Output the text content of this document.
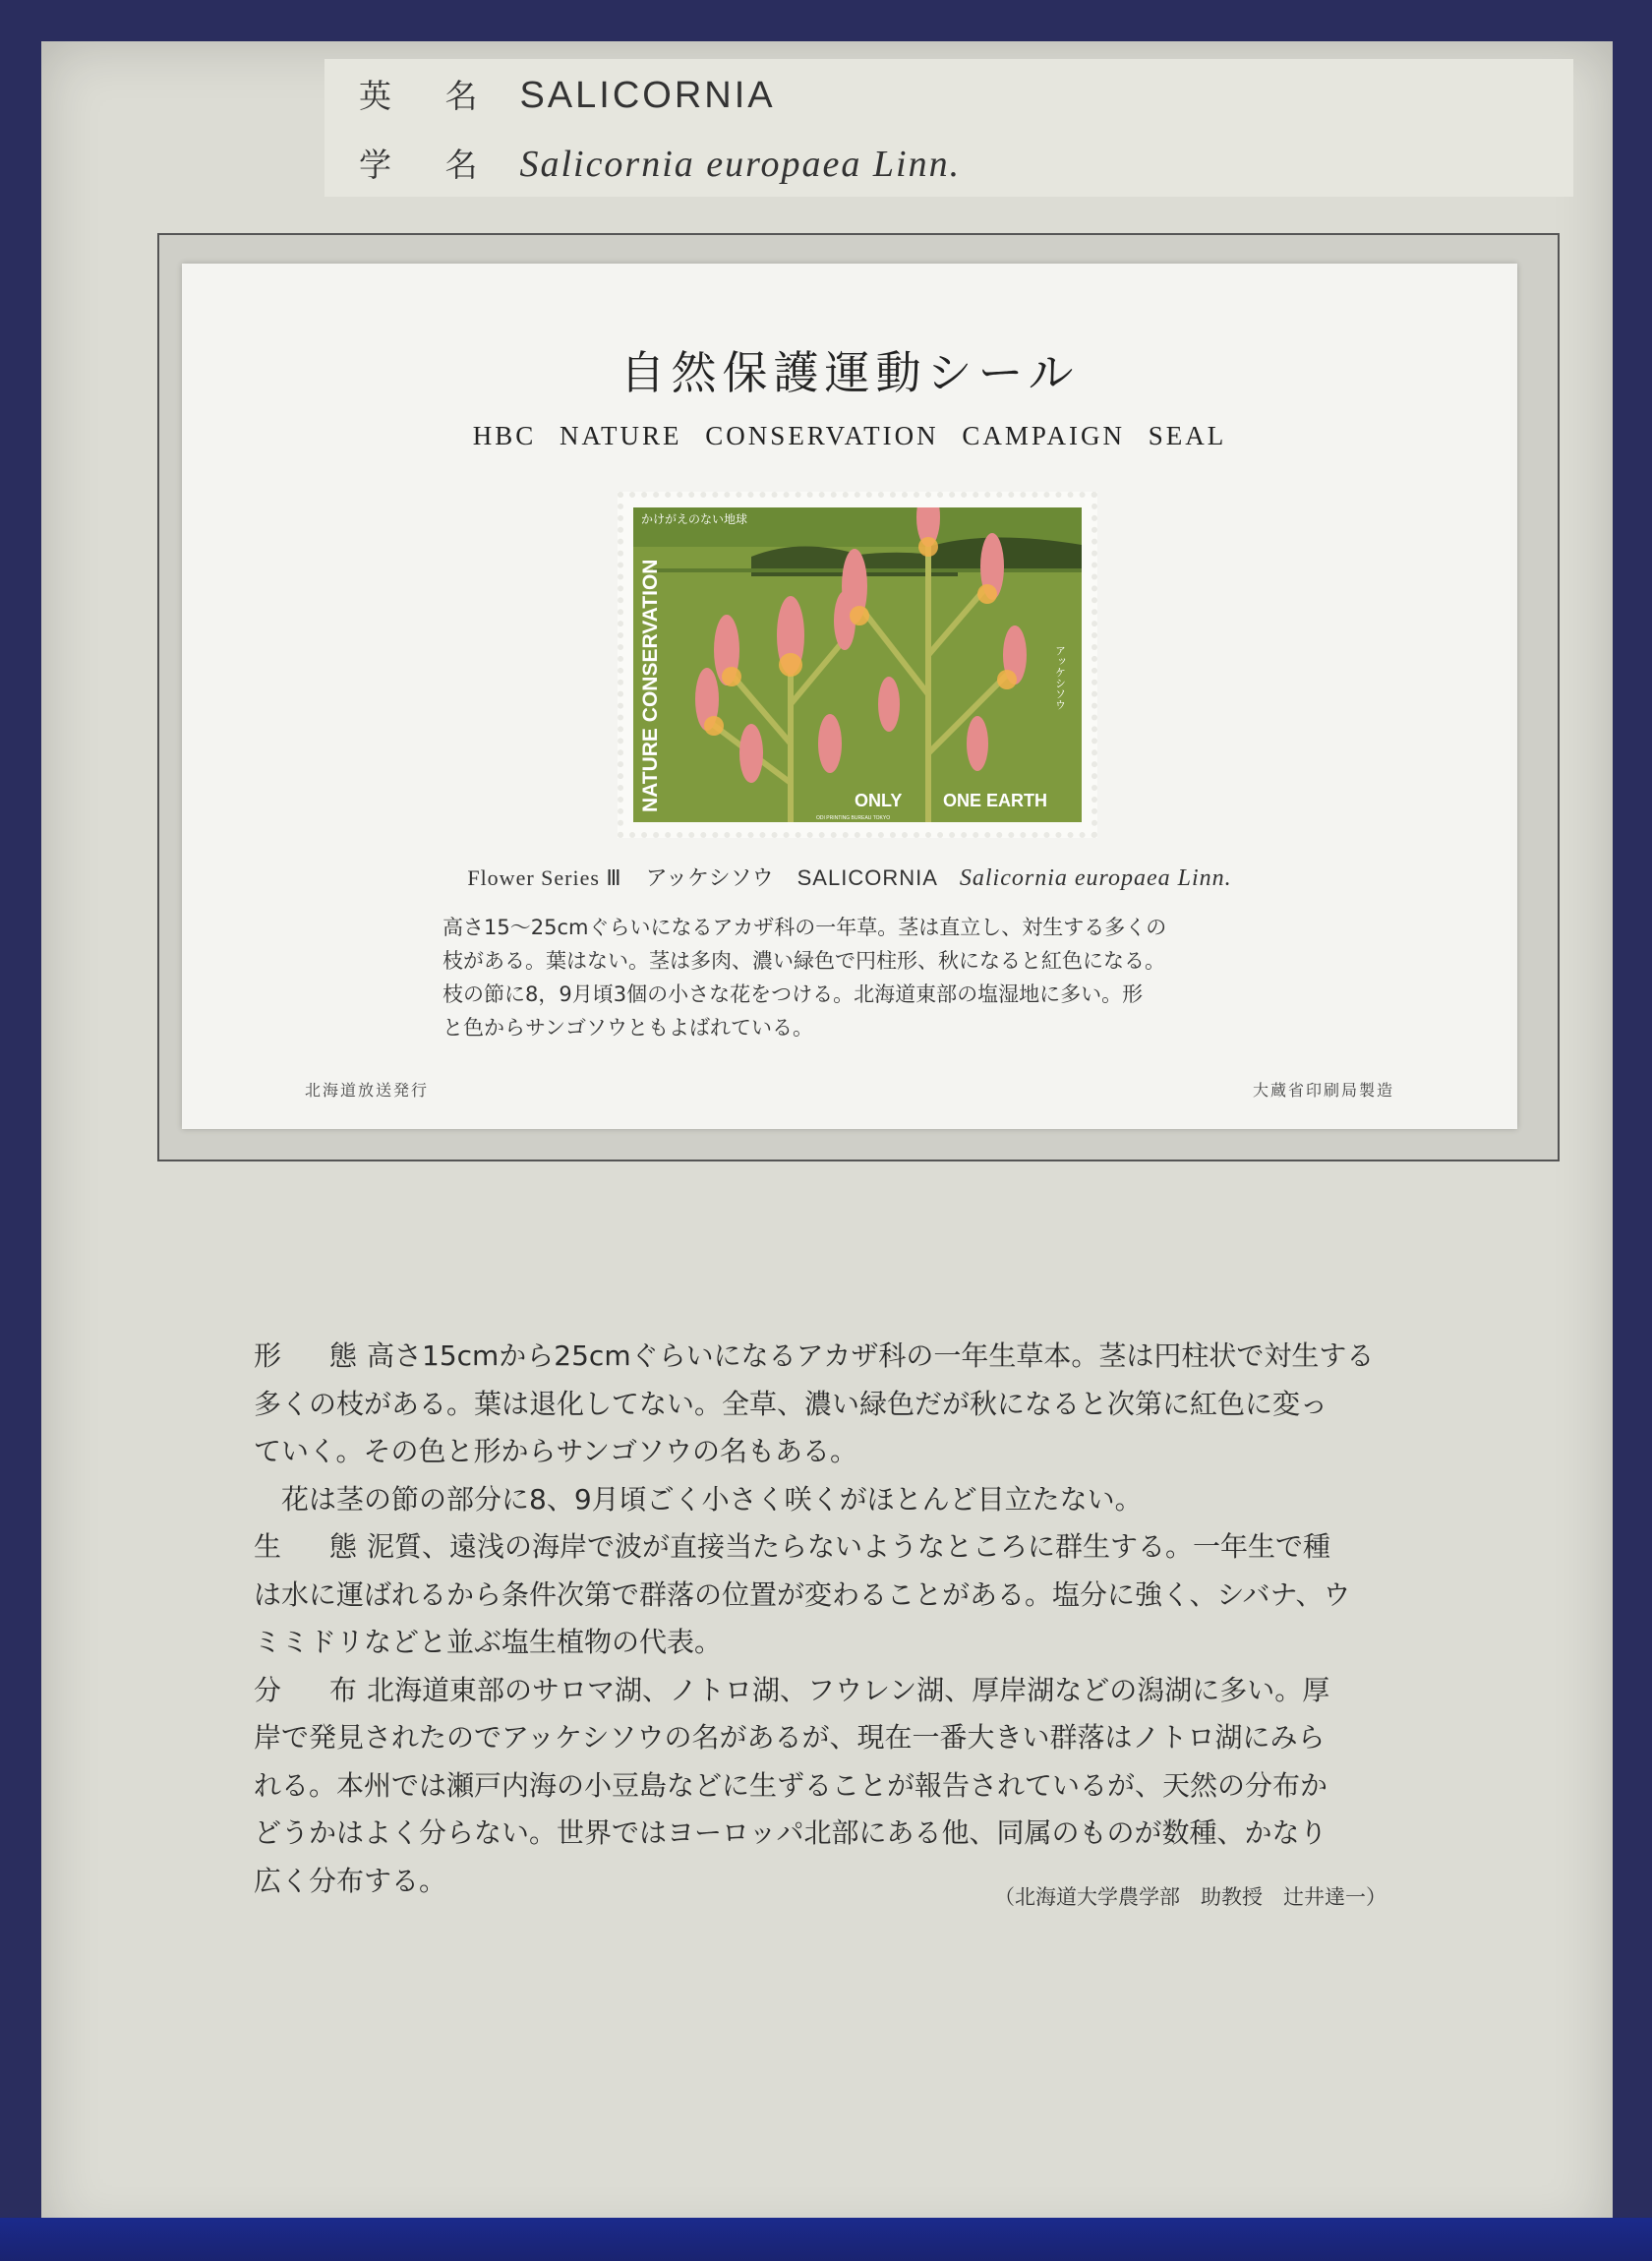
英 名 SALICORNIA
学 名 Salicornia europaea Linn.
自然保護運動シール
HBC NATURE CONSERVATION CAMPAIGN SEAL
かけがえのない地球
NATURE CONSERVATION	アッケシソウ
ONLY ONE EARTH
ODI PRINTING BUREAU TOKYO
Flower Series Ⅲ アッケシソウ SALICORNIA Salicornia europaea Linn.

高さ15～25cmぐらいになるアカザ科の一年草。茎は直立し、対生する多くの

枝がある。葉はない。茎は多肉、濃い緑色で円柱形、秋になると紅色になる。

枝の節に8，9月頃3個の小さな花をつける。北海道東部の塩湿地に多い。形

と色からサンゴソウともよばれている。

北海道放送発行	大蔵省印刷局製造

形 態高さ15cmから25cmぐらいになるアカザ科の一年生草本。茎は円柱状で対生する

多くの枝がある。葉は退化してない。全草、濃い緑色だが秋になると次第に紅色に変っ

ていく。その色と形からサンゴソウの名もある。

　花は茎の節の部分に8、9月頃ごく小さく咲くがほとんど目立たない。

生 態泥質、遠浅の海岸で波が直接当たらないようなところに群生する。一年生で種

は水に運ばれるから条件次第で群落の位置が変わることがある。塩分に強く、シバナ、ウ

ミミドリなどと並ぶ塩生植物の代表。

分 布北海道東部のサロマ湖、ノトロ湖、フウレン湖、厚岸湖などの潟湖に多い。厚

岸で発見されたのでアッケシソウの名があるが、現在一番大きい群落はノトロ湖にみら

れる。本州では瀬戸内海の小豆島などに生ずることが報告されているが、天然の分布か

どうかはよく分らない。世界ではヨーロッパ北部にある他、同属のものが数種、かなり

広く分布する。

（北海道大学農学部　助教授　辻井達一）
